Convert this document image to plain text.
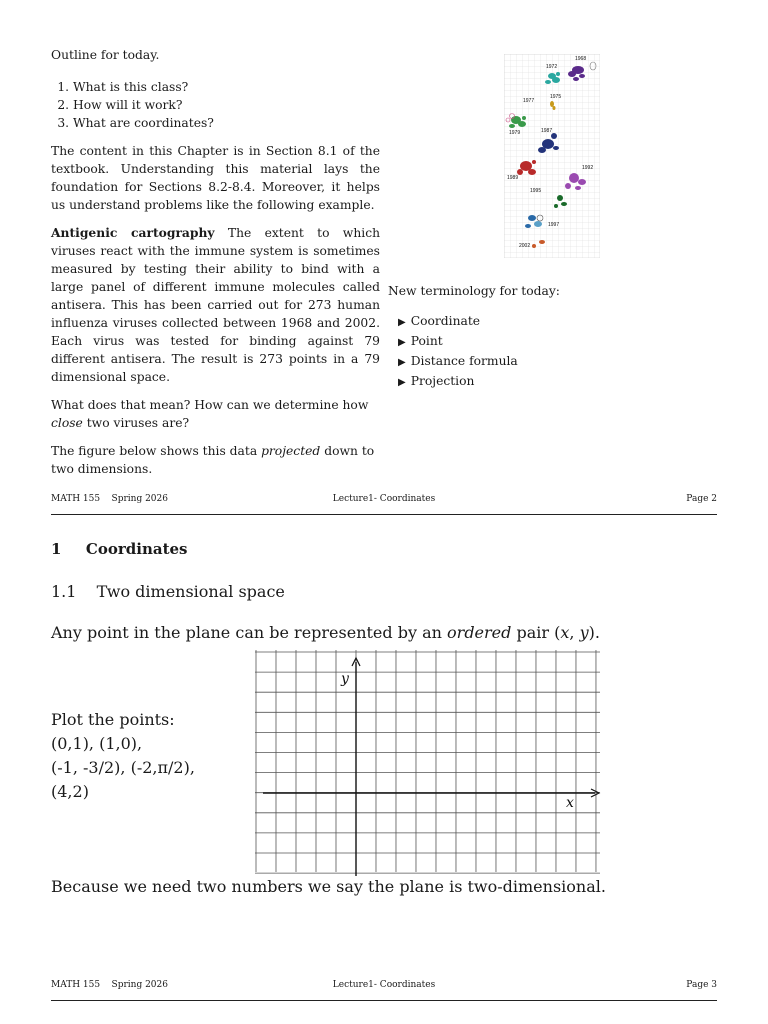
Outline for today.

1. What is this class?
2. How will it work?
3. What are coordinates?

The content in this Chapter is in Section 8.1 of the textbook. Understanding this material lays the foundation for Sections 8.2-8.4. Moreover, it helps us understand problems like the following example.

Antigenic cartography The extent to which viruses react with the immune system is sometimes measured by testing their ability to bind with a large panel of different immune molecules called antisera. This has been carried out for 273 human influenza viruses collected between 1968 and 2002. Each virus was tested for binding against 79 different antisera. The result is 273 points in a 79 dimensional space.

What does that mean? How can we determine how close two viruses are?

The figure below shows this data projected down to two dimensions.

1968
1972
1975
1977
1979	1987
1992
1989
1995
1997
2002

New terminology for today:

▶ Coordinate
▶ Point
▶ Distance formula
▶ Projection
MATH 155    Spring 2026	Lecture1- Coordinates	Page 2
1 Coordinates
1.1 Two dimensional space
Any point in the plane can be represented by an ordered pair (x, y).
Plot the points:
(0,1), (1,0),
(-1, -3/2), (-2,π/2),
(4,2)
x
y
Because we need two numbers we say the plane is two-dimensional.
MATH 155    Spring 2026	Lecture1- Coordinates	Page 3
